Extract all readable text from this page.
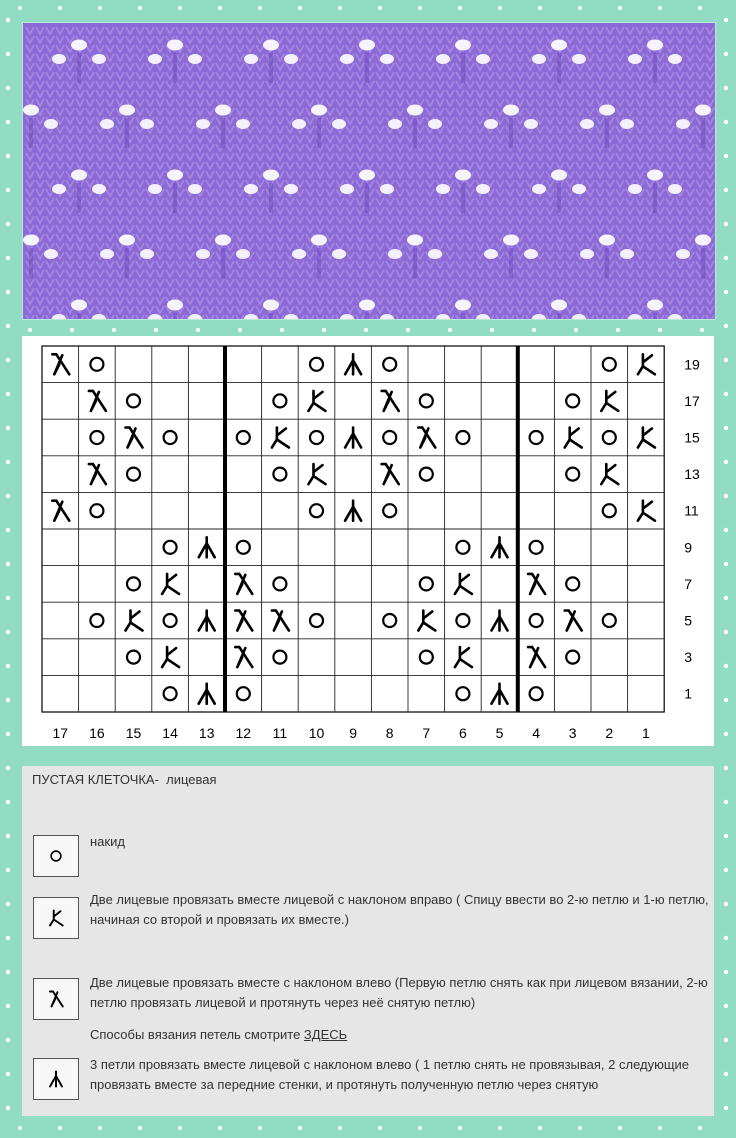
19
17
15
13
11
9
7
5
3
1
17 16 15 14 13 12 11 10 9 8 7 6 5 4 3 2 1
ПУСТАЯ КЛЕТОЧКА-  лицевая
накид
Две лицевые провязать вместе лицевой с наклоном вправо ( Спицу ввести во 2-ю петлю и 1-ю петлю, начиная со второй и провязать их вместе.)
Две лицевые провязать вместе с наклоном влево (Первую петлю снять как при лицевом вязании, 2-ю петлю провязать лицевой и протянуть через неё снятую петлю)
Способы вязания петель смотрите ЗДЕСЬ
3 петли провязать вместе лицевой с наклоном влево ( 1 петлю снять не провязывая, 2 следующие провязать вместе за передние стенки, и протянуть полученную петлю через снятую
